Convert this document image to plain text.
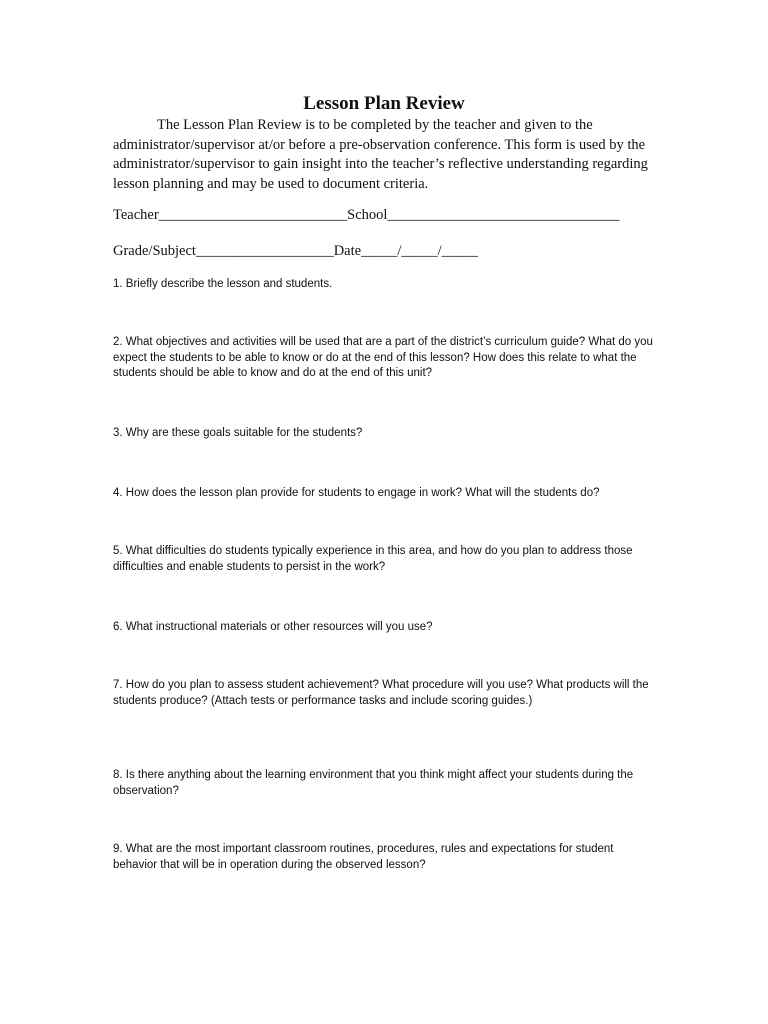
Lesson Plan Review

The Lesson Plan Review is to be completed by the teacher and given to the administrator/supervisor at/or before a pre-observation conference. This form is used by the administrator/supervisor to gain insight into the teacher’s reflective understanding regarding lesson planning and may be used to document criteria.

Teacher__________________________School________________________________

Grade/Subject___________________Date_____/_____/_____

1. Briefly describe the lesson and students.

2. What objectives and activities will be used that are a part of the district’s curriculum guide? What do you expect the students to be able to know or do at the end of this lesson? How does this relate to what the students should be able to know and do at the end of this unit?

3. Why are these goals suitable for the students?

4. How does the lesson plan provide for students to engage in work? What will the students do?

5. What difficulties do students typically experience in this area, and how do you plan to address those difficulties and enable students to persist in the work?

6. What instructional materials or other resources will you use?

7. How do you plan to assess student achievement? What procedure will you use? What products will the students produce? (Attach tests or performance tasks and include scoring guides.)

8. Is there anything about the learning environment that you think might affect your students during the observation?

9. What are the most important classroom routines, procedures, rules and expectations for student behavior that will be in operation during the observed lesson?
